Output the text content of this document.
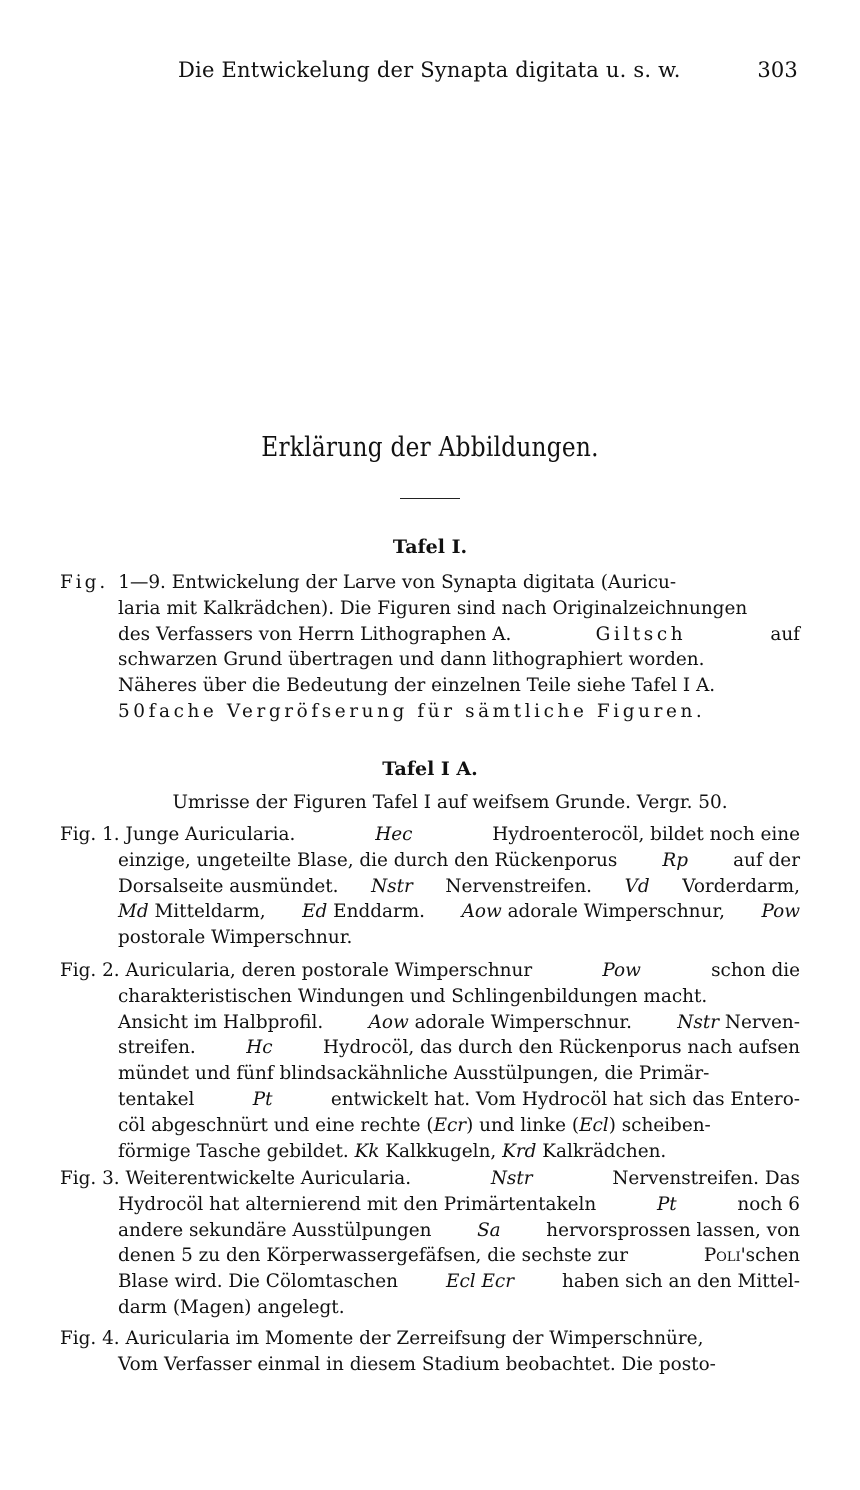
Die Entwickelung der Synapta digitata u. s. w.	303
Erklärung der Abbildungen.
Tafel I.
Fig. 1—9. Entwickelung der Larve von Synapta digitata (Auricu-
laria mit Kalkrädchen). Die Figuren sind nach Originalzeichnungen
des Verfassers von Herrn Lithographen A.	Giltsch	auf
schwarzen Grund übertragen und dann lithographiert worden.
Näheres über die Bedeutung der einzelnen Teile siehe Tafel I A.
50fache Vergröfserung für sämtliche Figuren.
Tafel I A.
Umrisse der Figuren Tafel I auf weifsem Grunde. Vergr. 50.
Fig. 1. Junge Auricularia.	Hec	Hydroenterocöl, bildet noch eine
einzige, ungeteilte Blase, die durch den Rückenporus Rp auf der
Dorsalseite ausmündet. Nstr Nervenstreifen. Vd Vorderdarm,
Md Mitteldarm, Ed Enddarm. Aow adorale Wimperschnur, Pow
postorale Wimperschnur.
Fig. 2. Auricularia, deren postorale Wimperschnur	Pow	schon die
charakteristischen Windungen und Schlingenbildungen macht.
Ansicht im Halbprofil. Aow adorale Wimperschnur. Nstr Nerven-
streifen.	Hc	Hydrocöl, das durch den Rückenporus nach aufsen
mündet und fünf blindsackähnliche Ausstülpungen, die Primär-
tentakel	Pt	entwickelt hat. Vom Hydrocöl hat sich das Entero-
cöl abgeschnürt und eine rechte (Ecr) und linke (Ecl) scheiben-
förmige Tasche gebildet.
Kk
Kalkkugeln,
Krd
Kalkrädchen.
Fig. 3. Weiterentwickelte Auricularia.	Nstr	Nervenstreifen. Das
Hydrocöl hat alternierend mit den Primärtentakeln	Pt	noch 6
andere sekundäre Ausstülpungen Sa hervorsprossen lassen, von
denen 5 zu den Körperwassergefäfsen, die sechste zur	Poli'schen
Blase wird. Die Cölomtaschen	Ecl Ecr	haben sich an den Mittel-
darm (Magen) angelegt.
Fig. 4. Auricularia im Momente der Zerreifsung der Wimperschnüre,
Vom Verfasser einmal in diesem Stadium beobachtet. Die posto-
